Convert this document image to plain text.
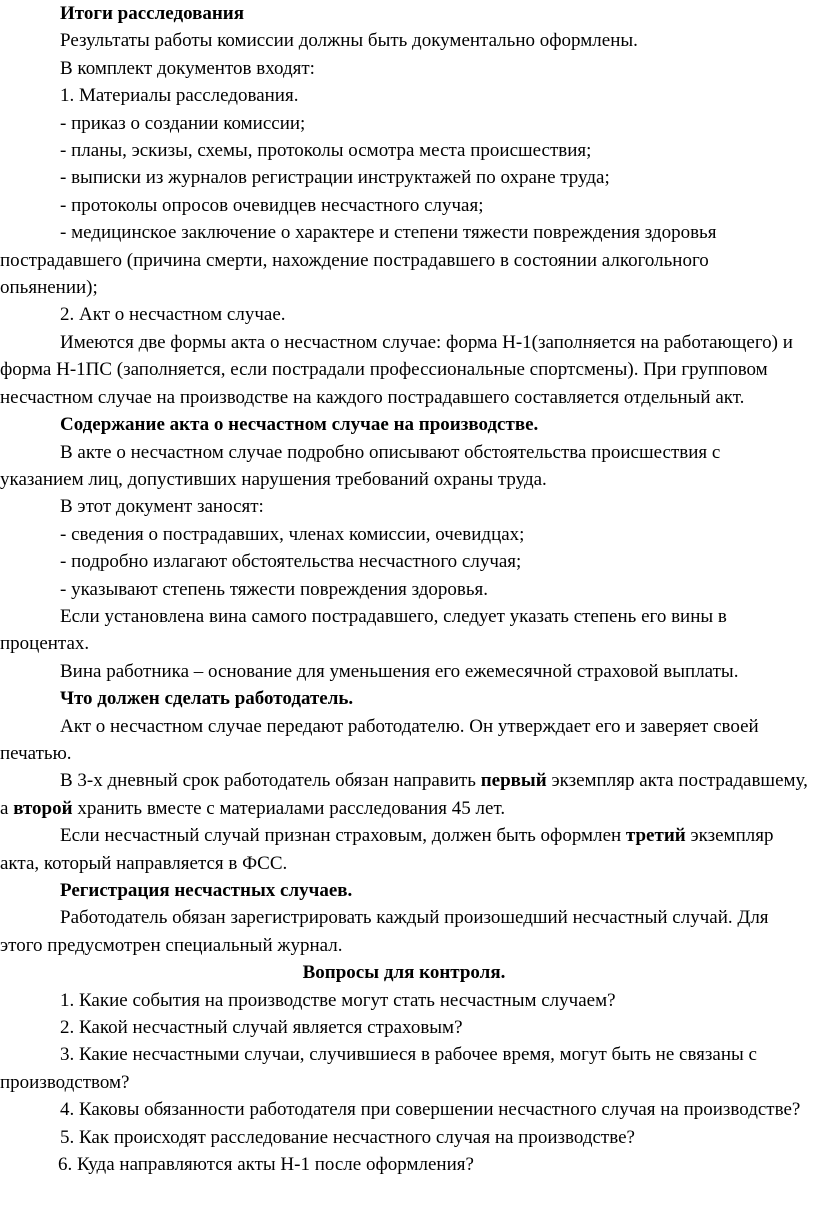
Итоги расследования

Результаты работы комиссии должны быть документально оформлены.

В комплект документов входят:

1. Материалы расследования.

- приказ о создании комиссии;

- планы, эскизы, схемы, протоколы осмотра места происшествия;

- выписки из журналов регистрации инструктажей по охране труда;

- протоколы опросов очевидцев несчастного случая;

- медицинское заключение о характере и степени тяжести повреждения здоровья пострадавшего (причина смерти, нахождение пострадавшего в состоянии алкогольного опьянении);

2. Акт о несчастном случае.

Имеются две формы акта о несчастном случае: форма Н-1(заполняется на работающего) и форма Н-1ПС (заполняется, если пострадали профессиональные спортсмены). При групповом несчастном случае на производстве на каждого пострадавшего составляется отдельный акт.

Содержание акта о несчастном случае на производстве.

В акте о несчастном случае подробно описывают обстоятельства происшествия с указанием лиц, допустивших нарушения требований охраны труда.

В этот документ заносят:

- сведения о пострадавших, членах комиссии, очевидцах;

- подробно излагают обстоятельства несчастного случая;

- указывают степень тяжести повреждения здоровья.

Если установлена вина самого пострадавшего, следует указать степень его вины в процентах.

Вина работника – основание для уменьшения его ежемесячной страховой выплаты.

Что должен сделать работодатель.

Акт о несчастном случае передают работодателю. Он утверждает его и заверяет своей печатью.

В 3-х дневный срок работодатель обязан направить первый экземпляр акта пострадавшему, а второй хранить вместе с материалами расследования 45 лет.

Если несчастный случай признан страховым, должен быть оформлен третий экземпляр акта, который направляется в ФСС.

Регистрация несчастных случаев.

Работодатель обязан зарегистрировать каждый произошедший несчастный случай. Для этого предусмотрен специальный журнал.

Вопросы для контроля.

1. Какие события на производстве могут стать несчастным случаем?

2. Какой несчастный случай является страховым?

3. Какие несчастными случаи, случившиеся в рабочее время, могут быть не связаны с производством?

4. Каковы обязанности работодателя при совершении несчастного случая на производстве?

5. Как происходят расследование несчастного случая на производстве?

6. Куда направляются акты Н-1 после оформления?
